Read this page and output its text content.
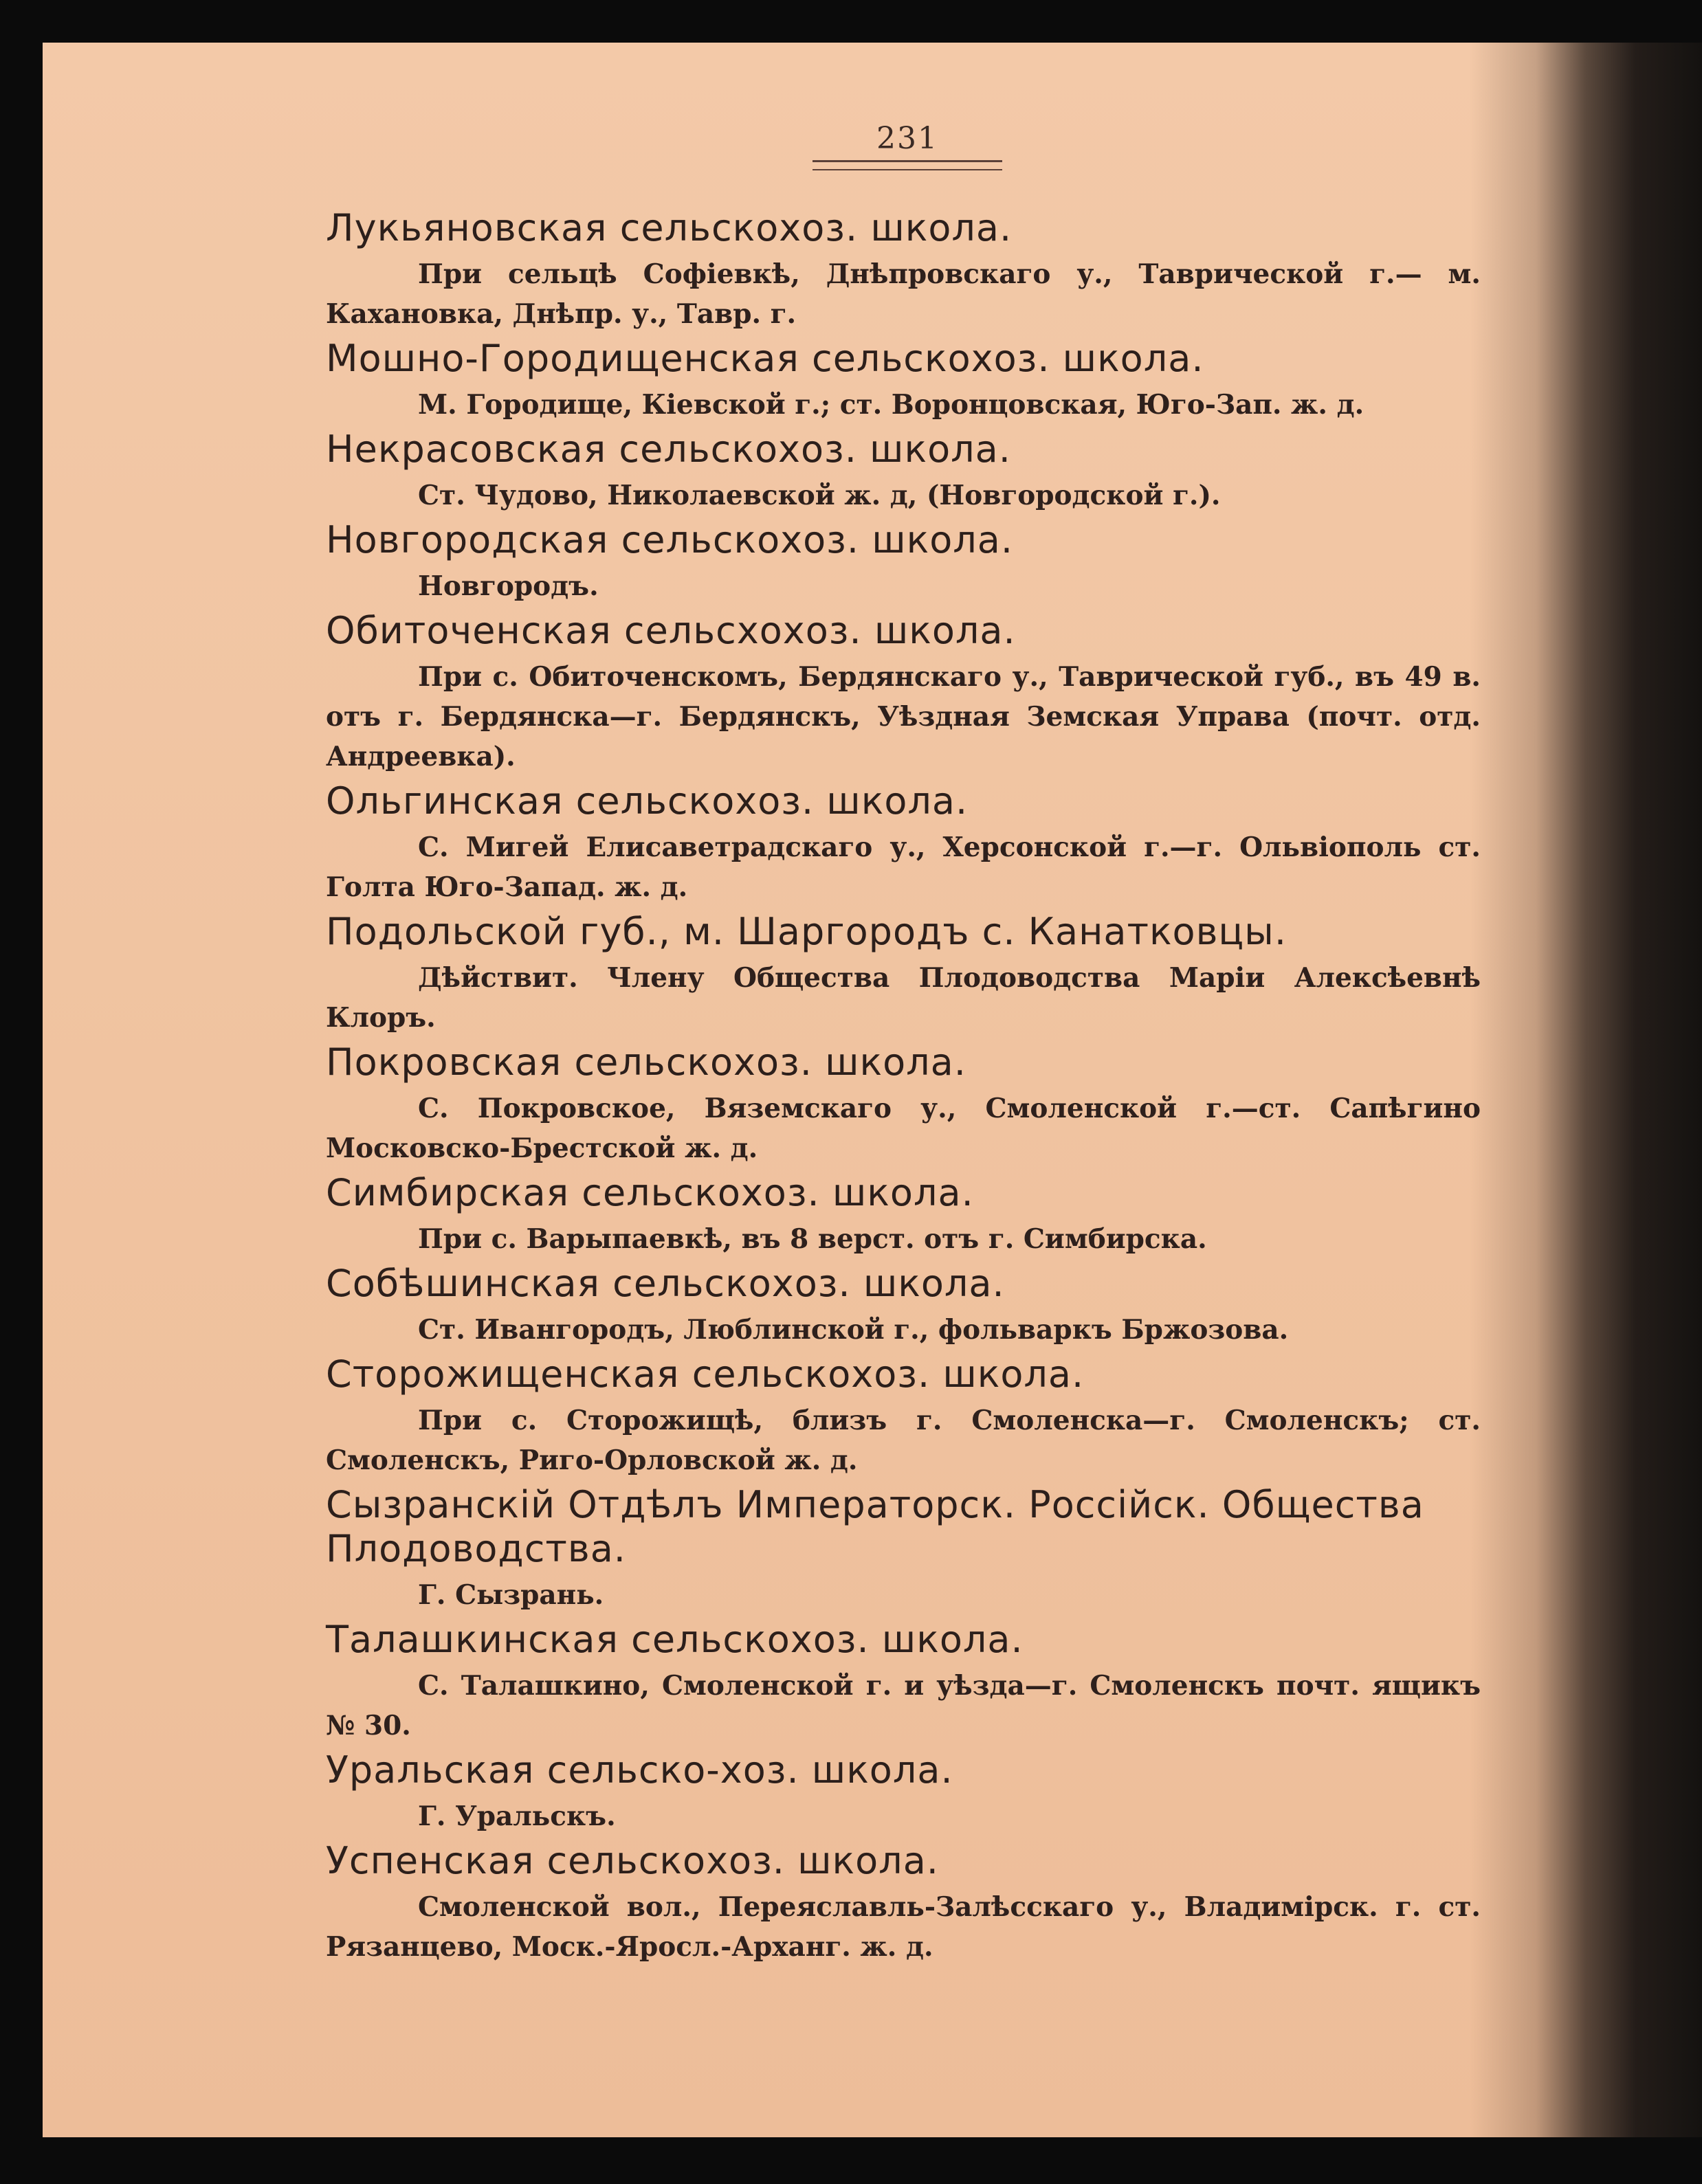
231
Лукьяновская сельскохоз. школа.
При сельцѣ Софіевкѣ, Днѣпровскаго у., Таврической г.— м. Кахановка, Днѣпр. у., Тавр. г.
Мошно-Городищенская сельскохоз. школа.
М. Городище, Кіевской г.; ст. Воронцовская, Юго-Зап. ж. д.
Некрасовская сельскохоз. школа.
Ст. Чудово, Николаевской ж. д, (Новгородской г.).
Новгородская сельскохоз. школа.
Новгородъ.
Обиточенская сельсхохоз. школа.
При с. Обиточенскомъ, Бердянскаго у., Таврической губ., въ 49 в. отъ г. Бердянска—г. Бердянскъ, Уѣздная Земская Управа (почт. отд. Андреевка).
Ольгинская сельскохоз. школа.
С. Мигей Елисаветрадскаго у., Херсонской г.—г. Ольвіополь ст. Голта Юго-Запад. ж. д.
Подольской губ., м. Шаргородъ с. Канатковцы.
Дѣйствит. Члену Общества Плодоводства Маріи Алексѣевнѣ Клоръ.
Покровская сельскохоз. школа.
С. Покровское, Вяземскаго у., Смоленской г.—ст. Сапѣгино Московско-Брестской ж. д.
Симбирская сельскохоз. школа.
При с. Варыпаевкѣ, въ 8 верст. отъ г. Симбирска.
Собѣшинская сельскохоз. школа.
Ст. Ивангородъ, Люблинской г., фольваркъ Бржозова.
Сторожищенская сельскохоз. школа.
При с. Сторожищѣ, близъ г. Смоленска—г. Смоленскъ; ст. Смоленскъ, Риго-Орловской ж. д.
Сызранскій Отдѣлъ Императорск. Россійск. Общества Плодоводства.
Г. Сызрань.
Талашкинская сельскохоз. школа.
С. Талашкино, Смоленской г. и уѣзда—г. Смоленскъ почт. ящикъ № 30.
Уральская сельско-хоз. школа.
Г. Уральскъ.
Успенская сельскохоз. школа.
Смоленской вол., Переяславль-Залѣсскаго у., Владимірск. г. ст. Рязанцево, Моск.-Яросл.-Арханг. ж. д.
